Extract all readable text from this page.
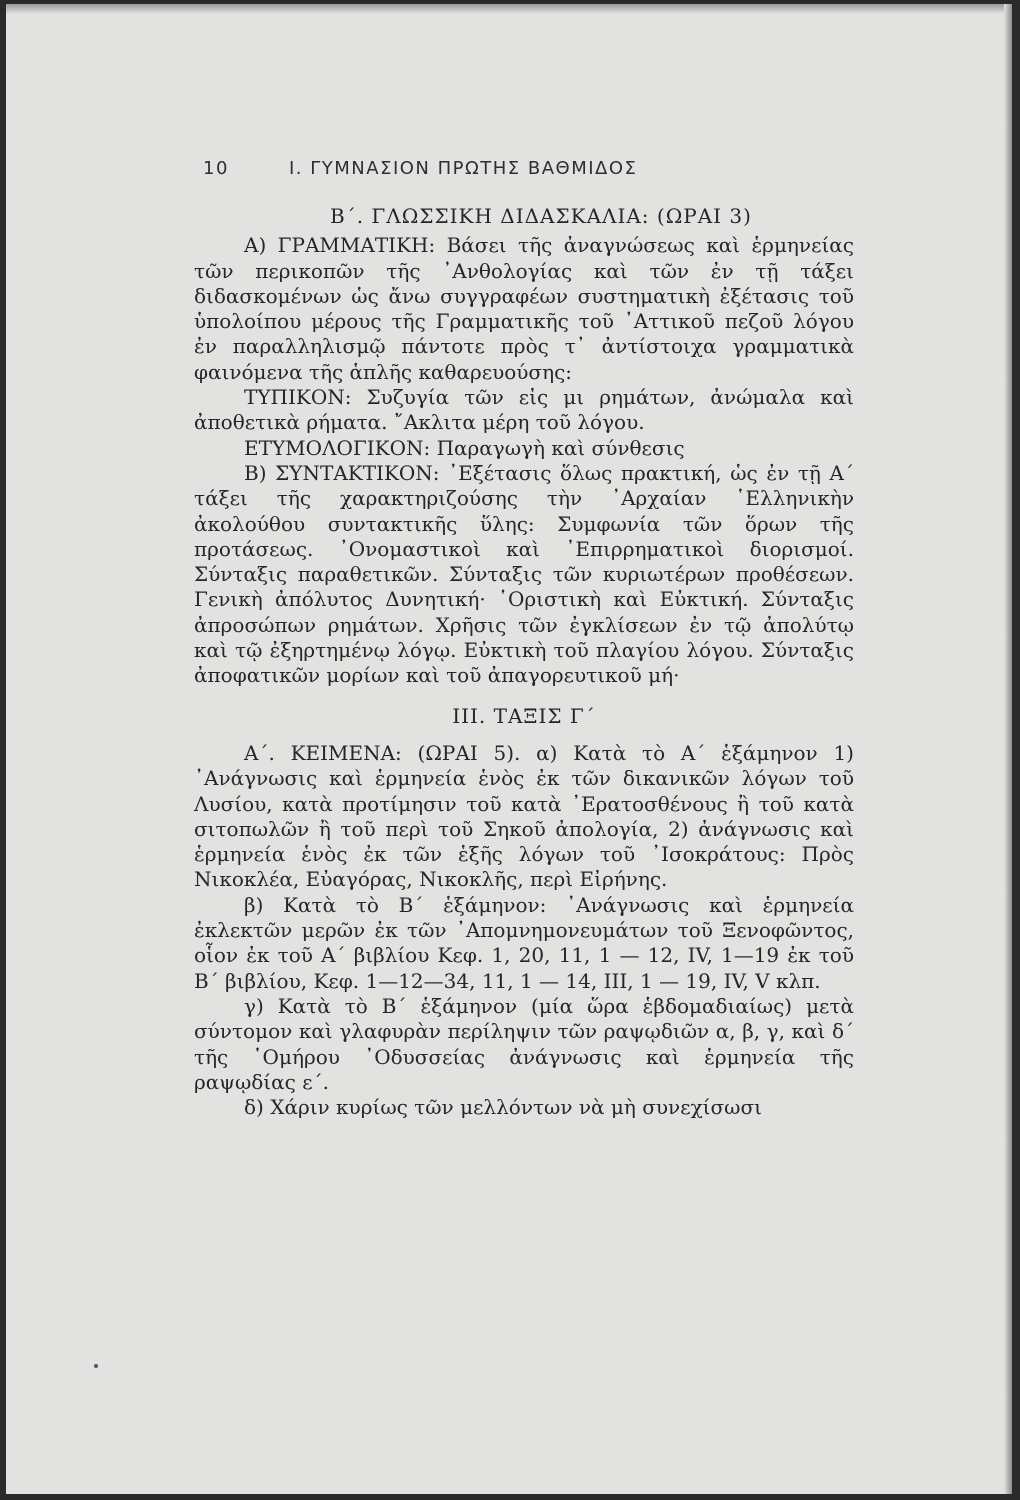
10	Ι. ΓΥΜΝΑΣΙΟΝ ΠΡΩΤΗΣ ΒΑΘΜΙΔΟΣ

Β΄. ΓΛΩΣΣΙΚΗ ΔΙΔΑΣΚΑΛΙΑ: (ΩΡΑΙ 3)

Α) ΓΡΑΜΜΑΤΙΚΗ: Βάσει τῆς ἀναγνώσεως καὶ ἑρμηνείας τῶν περικοπῶν τῆς ᾿Ανθολογίας καὶ τῶν ἐν τῇ τάξει διδασκομένων ὡς ἄνω συγγραφέων συστηματικὴ ἐξέτασις τοῦ ὑπολοίπου μέρους τῆς Γραμματικῆς τοῦ ᾿Αττικοῦ πεζοῦ λόγου ἐν παραλληλισμῷ πάντοτε πρὸς τ᾿ ἀντίστοιχα γραμματικὰ φαινόμενα τῆς ἁπλῆς καθαρευούσης:

ΤΥΠΙΚΟΝ: Συζυγία τῶν εἰς μι ρημάτων, ἀνώμαλα καὶ ἀποθετικὰ ρήματα. ῎Ακλιτα μέρη τοῦ λόγου.

ΕΤΥΜΟΛΟΓΙΚΟΝ: Παραγωγὴ καὶ σύνθεσις

Β) ΣΥΝΤΑΚΤΙΚΟΝ: ᾿Εξέτασις ὅλως πρακτική, ὡς ἐν τῇ Α΄ τάξει τῆς χαρακτηριζούσης τὴν ᾿Αρχαίαν ῾Ελληνικὴν ἀκολούθου συντακτικῆς ὕλης: Συμφωνία τῶν ὅρων τῆς προτάσεως. ᾿Ονομαστικοὶ καὶ ᾿Επιρρηματικοὶ διορισμοί. Σύνταξις παραθετικῶν. Σύνταξις τῶν κυριωτέρων προθέσεων. Γενικὴ ἀπόλυτος Δυνητική· ῾Οριστικὴ καὶ Εὐκτική. Σύνταξις ἀπροσώπων ρημάτων. Χρῆσις τῶν ἐγκλίσεων ἐν τῷ ἀπολύτῳ καὶ τῷ ἐξηρτημένῳ λόγῳ. Εὐκτικὴ τοῦ πλαγίου λόγου. Σύνταξις ἀποφατικῶν μορίων καὶ τοῦ ἀπαγορευτικοῦ μή·

ΙΙΙ. ΤΑΞΙΣ Γ΄

Α΄. ΚΕΙΜΕΝΑ: (ΩΡΑΙ 5). α) Κατὰ τὸ Α΄ ἑξάμηνον 1) ᾿Ανάγνωσις καὶ ἑρμηνεία ἑνὸς ἐκ τῶν δικανικῶν λόγων τοῦ Λυσίου, κατὰ προτίμησιν τοῦ κατὰ ᾿Ερατοσθένους ἢ τοῦ κατὰ σιτοπωλῶν ἢ τοῦ περὶ τοῦ Σηκοῦ ἀπολογία, 2) ἀνάγνωσις καὶ ἑρμηνεία ἑνὸς ἐκ τῶν ἑξῆς λόγων τοῦ ᾿Ισοκράτους: Πρὸς Νικοκλέα, Εὐαγόρας, Νικοκλῆς, περὶ Εἰρήνης.

β) Κατὰ τὸ Β΄ ἑξάμηνον: ᾿Ανάγνωσις καὶ ἑρμηνεία ἐκλεκτῶν μερῶν ἐκ τῶν ᾿Απομνημονευμάτων τοῦ Ξενοφῶντος, οἷον ἐκ τοῦ Α΄ βιβλίου Κεφ. 1, 20, 11, 1 — 12, IV, 1—19 ἐκ τοῦ Β΄ βιβλίου, Κεφ. 1—12—34, 11, 1 — 14, III, 1 — 19, IV, V κλπ.

γ) Κατὰ τὸ Β΄ ἑξάμηνον (μία ὥρα ἑβδομαδιαίως) μετὰ σύντομον καὶ γλαφυρὰν περίληψιν τῶν ραψῳδιῶν α, β, γ, καὶ δ΄ τῆς ῾Ομήρου ᾿Οδυσσείας ἀνάγνωσις καὶ ἑρμηνεία τῆς ραψῳδίας ε΄.

δ) Χάριν κυρίως τῶν μελλόντων νὰ μὴ συνεχίσωσι
